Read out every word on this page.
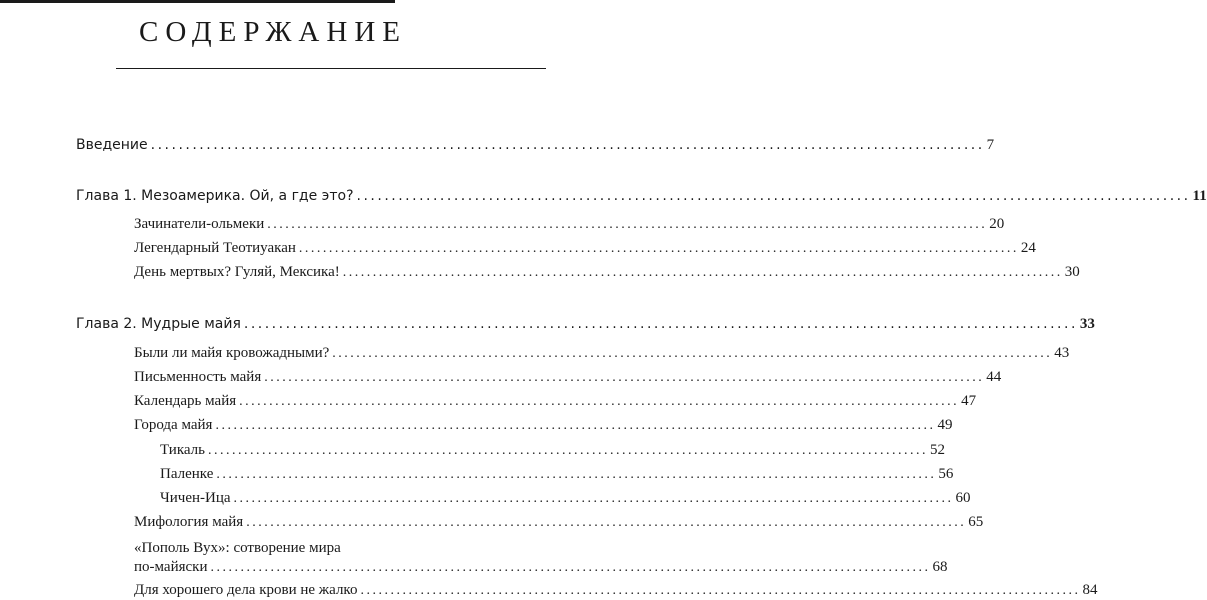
СОДЕРЖАНИЕ
Введение ........................................................................................................................ 7
Глава 1. Мезоамерика. Ой, а где это? ........................................................................................................................ 11
Зачинатели-ольмеки ........................................................................................................................ 20
Легендарный Теотиуакан ........................................................................................................................ 24
День мертвых? Гуляй, Мексика! ........................................................................................................................ 30
Глава 2. Мудрые майя ........................................................................................................................ 33
Были ли майя кровожадными? ........................................................................................................................ 43
Письменность майя ........................................................................................................................ 44
Календарь майя ........................................................................................................................ 47
Города майя ........................................................................................................................ 49
Тикаль ........................................................................................................................ 52
Паленке ........................................................................................................................ 56
Чичен-Ица ........................................................................................................................ 60
Мифология майя ........................................................................................................................ 65
«Пополь Вух»: сотворение мира
по-майяски ........................................................................................................................ 68
Для хорошего дела крови не жалко ........................................................................................................................ 84
